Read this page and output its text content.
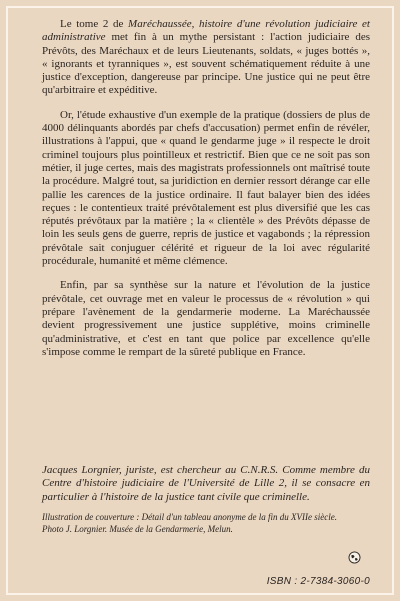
Le tome 2 de Maréchaussée, histoire d'une révolution judiciaire et administrative met fin à un mythe persistant : l'action judiciaire des Prévôts, des Maréchaux et de leurs Lieutenants, soldats, « juges bottés », « ignorants et tyranniques », est souvent schématiquement réduite à une justice d'exception, dangereuse par principe. Une justice qui ne peut être qu'arbitraire et expéditive.

Or, l'étude exhaustive d'un exemple de la pratique (dossiers de plus de 4000 délinquants abordés par chefs d'accusation) permet enfin de révéler, illustrations à l'appui, que « quand le gendarme juge » il respecte le droit criminel toujours plus pointilleux et restrictif. Bien que ce ne soit pas son métier, il juge certes, mais des magistrats professionnels ont maîtrisé toute la procédure. Malgré tout, sa juridiction en dernier ressort dérange car elle pallie les carences de la justice ordinaire. Il faut balayer bien des idées reçues : le contentieux traité prévôtalement est plus diversifié que les cas réputés prévôtaux par la matière ; la « clientèle » des Prévôts dépasse de loin les seuls gens de guerre, repris de justice et vagabonds ; la répression prévôtale sait conjuguer célérité et rigueur de la loi avec régularité procédurale, humanité et même clémence.

Enfin, par sa synthèse sur la nature et l'évolution de la justice prévôtale, cet ouvrage met en valeur le processus de « révolution » qui prépare l'avènement de la gendarmerie moderne. La Maréchaussée devient progressivement une justice supplétive, moins criminelle qu'administrative, et c'est en tant que police par excellence qu'elle s'impose comme le rempart de la sûreté publique en France.

Jacques Lorgnier, juriste, est chercheur au C.N.R.S. Comme membre du Centre d'histoire judiciaire de l'Université de Lille 2, il se consacre en particulier à l'histoire de la justice tant civile que criminelle.
Illustration de couverture : Détail d'un tableau anonyme de la fin du XVIIe siècle.
Photo J. Lorgnier. Musée de la Gendarmerie, Melun.
ISBN : 2-7384-3060-0
